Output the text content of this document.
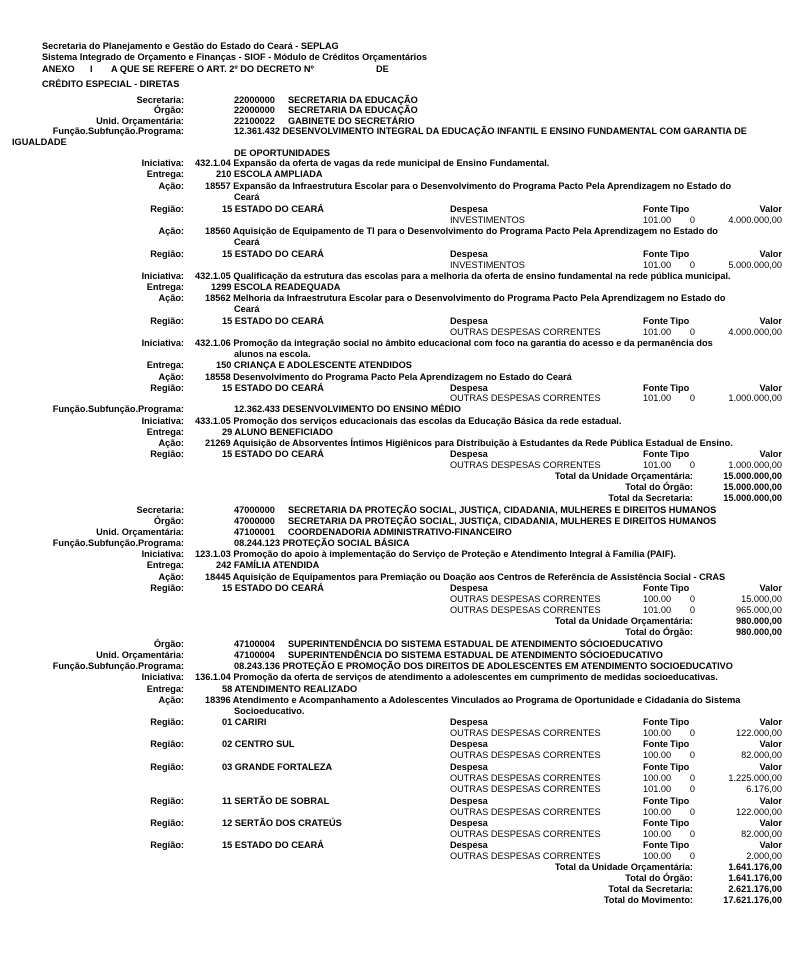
Secretaria do Planejamento e Gestão do Estado do Ceará - SEPLAG
Sistema Integrado de Orçamento e Finanças - SIOF - Módulo de Créditos Orçamentários
ANEXO I A QUE SE REFERE O ART. 2º DO DECRETO Nº	DE
CRÉDITO ESPECIAL - DIRETAS
Secretaria:	22000000 SECRETARIA DA EDUCAÇÃO
Órgão:	22000000 SECRETARIA DA EDUCAÇÃO
Unid. Orçamentária:	22100022 GABINETE DO SECRETÁRIO
Função.Subfunção.Programa:	12.361.432 DESENVOLVIMENTO INTEGRAL DA EDUCAÇÃO INFANTIL E ENSINO FUNDAMENTAL COM GARANTIA DE
IGUALDADE
DE OPORTUNIDADES
Iniciativa: 432.1.04 Expansão da oferta de vagas da rede municipal de Ensino Fundamental.
Entrega:	210 ESCOLA AMPLIADA
Ação: 18557 Expansão da Infraestrutura Escolar para o Desenvolvimento do Programa Pacto Pela Aprendizagem no Estado do
Ceará
Região:	15 ESTADO DO CEARÁ	Despesa	Fonte Tipo	Valor
INVESTIMENTOS	101.00	0	4.000.000,00
Ação: 18560 Aquisição de Equipamento de TI para o Desenvolvimento do Programa Pacto Pela Aprendizagem no Estado do
Ceará
Região:	15 ESTADO DO CEARÁ	Despesa	Fonte Tipo	Valor
INVESTIMENTOS	101.00	0	5.000.000,00
Iniciativa: 432.1.05 Qualificação da estrutura das escolas para a melhoria da oferta de ensino fundamental na rede pública municipal.
Entrega:	1299 ESCOLA READEQUADA
Ação: 18562 Melhoria da Infraestrutura Escolar para o Desenvolvimento do Programa Pacto Pela Aprendizagem no Estado do
Ceará
Região:	15 ESTADO DO CEARÁ	Despesa	Fonte Tipo	Valor
OUTRAS DESPESAS CORRENTES	101.00	0	4.000.000,00
Iniciativa: 432.1.06 Promoção da integração social no âmbito educacional com foco na garantia do acesso e da permanência dos
alunos na escola.
Entrega:	150 CRIANÇA E ADOLESCENTE ATENDIDOS
Ação: 18558 Desenvolvimento do Programa Pacto Pela Aprendizagem no Estado do Ceará
Região:	15 ESTADO DO CEARÁ	Despesa	Fonte Tipo	Valor
OUTRAS DESPESAS CORRENTES	101.00	0	1.000.000,00
Função.Subfunção.Programa:	12.362.433 DESENVOLVIMENTO DO ENSINO MÉDIO
Iniciativa: 433.1.05 Promoção dos serviços educacionais das escolas da Educação Básica da rede estadual.
Entrega:	29 ALUNO BENEFICIADO
Ação: 21269 Aquisição de Absorventes Íntimos Higiênicos para Distribuição à Estudantes da Rede Pública Estadual de Ensino.
Região:	15 ESTADO DO CEARÁ	Despesa	Fonte Tipo	Valor
OUTRAS DESPESAS CORRENTES	101.00	0	1.000.000,00
Total da Unidade Orçamentária:	15.000.000,00
Total do Órgão:	15.000.000,00
Total da Secretaria:	15.000.000,00
Secretaria:	47000000 SECRETARIA DA PROTEÇÃO SOCIAL, JUSTIÇA, CIDADANIA, MULHERES E DIREITOS HUMANOS
Órgão:	47000000 SECRETARIA DA PROTEÇÃO SOCIAL, JUSTIÇA, CIDADANIA, MULHERES E DIREITOS HUMANOS
Unid. Orçamentária:	47100001 COORDENADORIA ADMINISTRATIVO-FINANCEIRO
Função.Subfunção.Programa:	08.244.123 PROTEÇÃO SOCIAL BÁSICA
Iniciativa: 123.1.03 Promoção do apoio à implementação do Serviço de Proteção e Atendimento Integral à Família (PAIF).
Entrega:	242 FAMÍLIA ATENDIDA
Ação: 18445 Aquisição de Equipamentos para Premiação ou Doação aos Centros de Referência de Assistência Social - CRAS
Região:	15 ESTADO DO CEARÁ	Despesa	Fonte Tipo	Valor
OUTRAS DESPESAS CORRENTES	100.00	0	15.000,00
OUTRAS DESPESAS CORRENTES	101.00	0	965.000,00
Total da Unidade Orçamentária:	980.000,00
Total do Órgão:	980.000,00
Órgão:	47100004 SUPERINTENDÊNCIA DO SISTEMA ESTADUAL DE ATENDIMENTO SÓCIOEDUCATIVO
Unid. Orçamentária:	47100004 SUPERINTENDÊNCIA DO SISTEMA ESTADUAL DE ATENDIMENTO SÓCIOEDUCATIVO
Função.Subfunção.Programa:	08.243.136 PROTEÇÃO E PROMOÇÃO DOS DIREITOS DE ADOLESCENTES EM ATENDIMENTO SOCIOEDUCATIVO
Iniciativa: 136.1.04 Promoção da oferta de serviços de atendimento a adolescentes em cumprimento de medidas socioeducativas.
Entrega:	58 ATENDIMENTO REALIZADO
Ação: 18396 Atendimento e Acompanhamento a Adolescentes Vinculados ao Programa de Oportunidade e Cidadania do Sistema
Socioeducativo.
Região:	01 CARIRI	Despesa	Fonte Tipo	Valor
OUTRAS DESPESAS CORRENTES	100.00	0	122.000,00
Região:	02 CENTRO SUL	Despesa	Fonte Tipo	Valor
OUTRAS DESPESAS CORRENTES	100.00	0	82.000,00
Região:	03 GRANDE FORTALEZA	Despesa	Fonte Tipo	Valor
OUTRAS DESPESAS CORRENTES	100.00	0	1.225.000,00
OUTRAS DESPESAS CORRENTES	101.00	0	6.176,00
Região:	11 SERTÃO DE SOBRAL	Despesa	Fonte Tipo	Valor
OUTRAS DESPESAS CORRENTES	100.00	0	122.000,00
Região:	12 SERTÃO DOS CRATEÚS	Despesa	Fonte Tipo	Valor
OUTRAS DESPESAS CORRENTES	100.00	0	82.000,00
Região:	15 ESTADO DO CEARÁ	Despesa	Fonte Tipo	Valor
OUTRAS DESPESAS CORRENTES	100.00	0	2.000,00
Total da Unidade Orçamentária:	1.641.176,00
Total do Órgão:	1.641.176,00
Total da Secretaria:	2.621.176,00
Total do Movimento:	17.621.176,00
